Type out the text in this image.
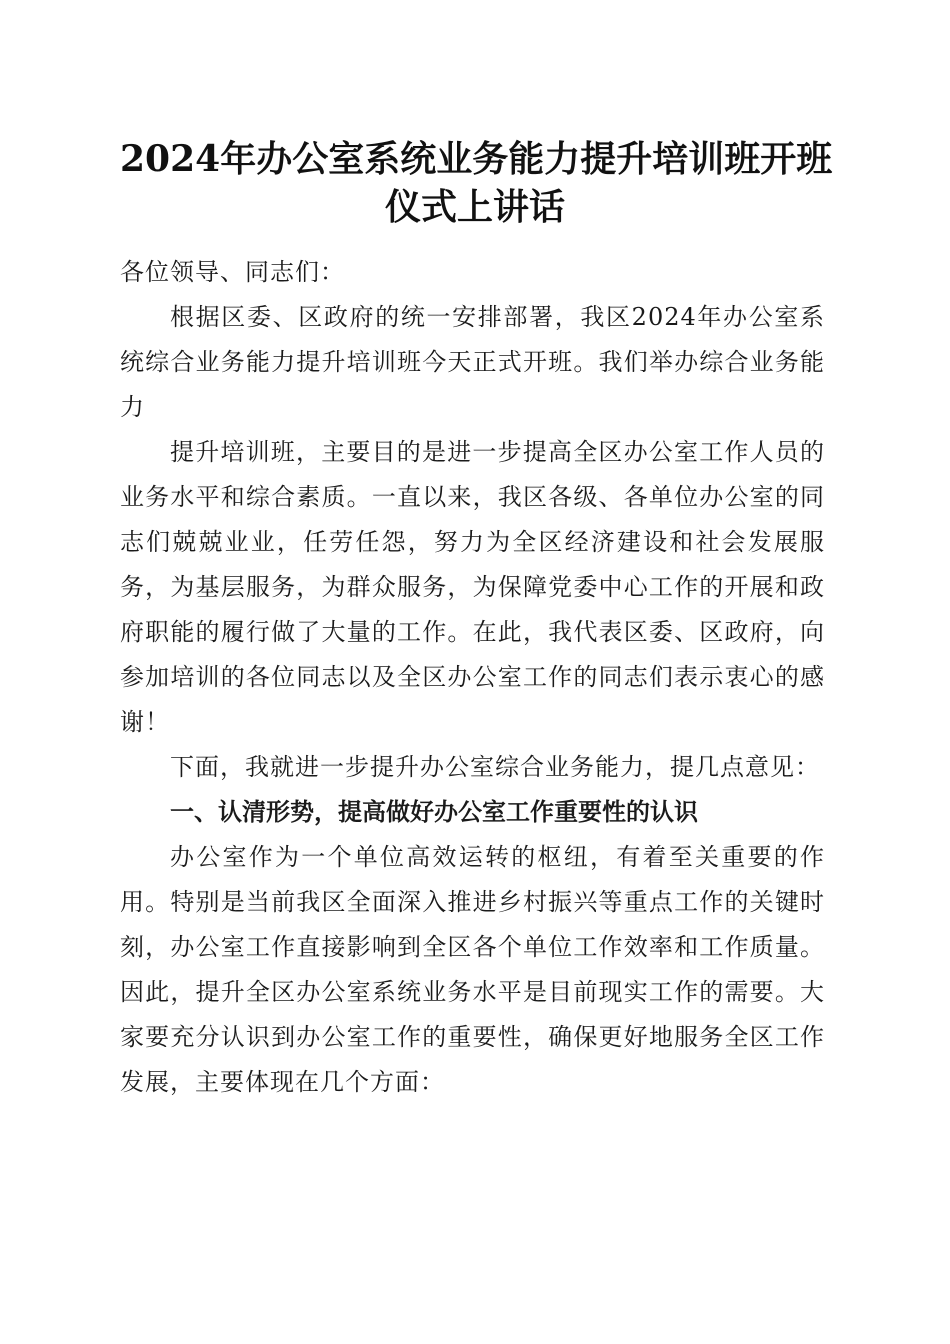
2024年办公室系统业务能力提升培训班开班
仪式上讲话

各位领导、同志们：

根据区委、区政府的统一安排部署，我区2024年办公室系统综合业务能力提升培训班今天正式开班。我们举办综合业务能力

提升培训班，主要目的是进一步提高全区办公室工作人员的业务水平和综合素质。一直以来，我区各级、各单位办公室的同志们兢兢业业，任劳任怨，努力为全区经济建设和社会发展服务，为基层服务，为群众服务，为保障党委中心工作的开展和政府职能的履行做了大量的工作。在此，我代表区委、区政府，向参加培训的各位同志以及全区办公室工作的同志们表示衷心的感谢！

下面，我就进一步提升办公室综合业务能力，提几点意见：

一、认清形势，提高做好办公室工作重要性的认识

办公室作为一个单位高效运转的枢纽，有着至关重要的作用。特别是当前我区全面深入推进乡村振兴等重点工作的关键时刻，办公室工作直接影响到全区各个单位工作效率和工作质量。因此，提升全区办公室系统业务水平是目前现实工作的需要。大家要充分认识到办公室工作的重要性，确保更好地服务全区工作发展，主要体现在几个方面：
